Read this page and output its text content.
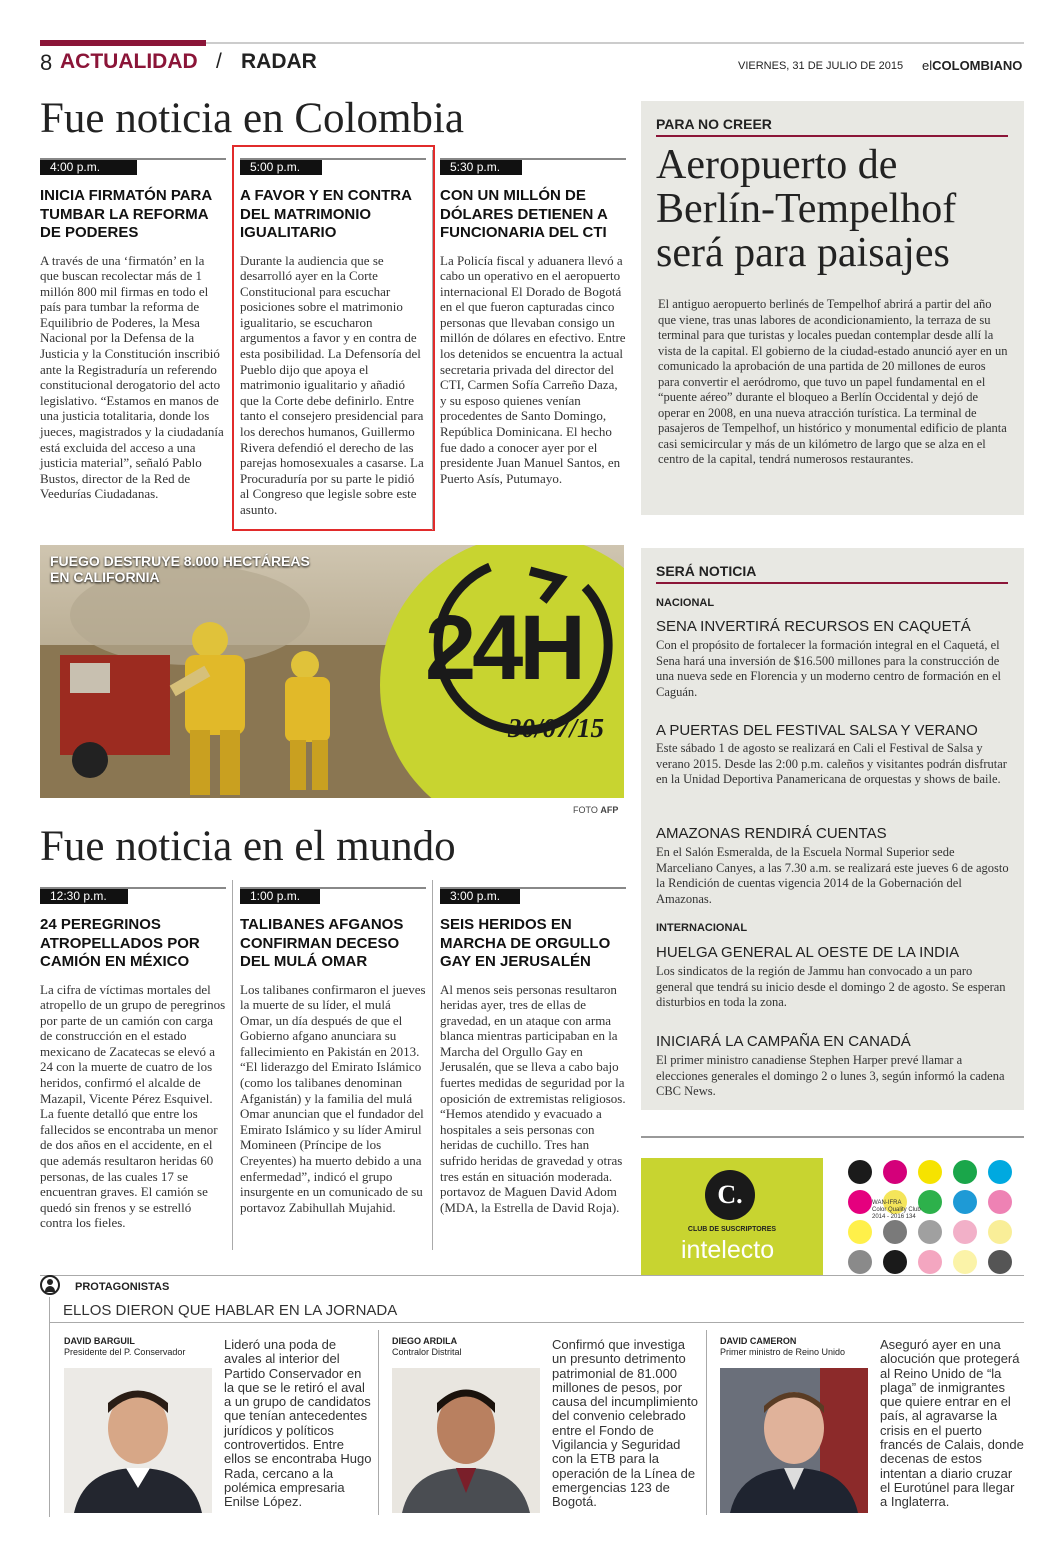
8 ACTUALIDAD / RADAR	VIERNES, 31 DE JULIO DE 2015 elCOLOMBIANO
Fue noticia en Colombia
4:00 p.m.
INICIA FIRMATÓN PARA TUMBAR LA REFORMA DE PODERES
A través de una ‘firmatón’ en la que buscan recolectar más de 1 millón 800 mil firmas en todo el país para tumbar la reforma de Equilibrio de Poderes, la Mesa Nacional por la Defensa de la Justicia y la Constitución inscribió ante la Registraduría un referendo constitucional derogatorio del acto legislativo. “Estamos en manos de una justicia totalitaria, donde los jueces, magistrados y la ciudadanía está excluida del acceso a una justicia material”, señaló Pablo Bustos, director de la Red de Veedurías Ciudadanas.
5:00 p.m.
A FAVOR Y EN CONTRA DEL MATRIMONIO IGUALITARIO
Durante la audiencia que se desarrolló ayer en la Corte Constitucional para escuchar posiciones sobre el matrimonio igualitario, se escucharon argumentos a favor y en contra de esta posibilidad. La Defensoría del Pueblo dijo que apoya el matrimonio igualitario y añadió que la Corte debe definirlo. Entre tanto el consejero presidencial para los derechos humanos, Guillermo Rivera defendió el derecho de las parejas homosexuales a casarse. La Procuraduría por su parte le pidió al Congreso que legisle sobre este asunto.
5:30 p.m.
CON UN MILLÓN DE DÓLARES DETIENEN A FUNCIONARIA DEL CTI
La Policía fiscal y aduanera llevó a cabo un operativo en el aeropuerto internacional El Dorado de Bogotá en el que fueron capturadas cinco personas que llevaban consigo un millón de dólares en efectivo. Entre los detenidos se encuentra la actual secretaria privada del director del CTI, Carmen Sofía Carreño Daza, y su esposo quienes venían procedentes de Santo Domingo, República Dominicana. El hecho fue dado a conocer ayer por el presidente Juan Manuel Santos, en Puerto Asís, Putumayo.
PARA NO CREER
Aeropuerto de Berlín-Tempelhof será para paisajes
El antiguo aeropuerto berlinés de Tempelhof abrirá a partir del año que viene, tras unas labores de acondicionamiento, la terraza de su terminal para que turistas y locales puedan contemplar desde allí la vista de la capital. El gobierno de la ciudad-estado anunció ayer en un comunicado la aprobación de una partida de 20 millones de euros para convertir el aeródromo, que tuvo un papel fundamental en el “puente aéreo” durante el bloqueo a Berlín Occidental y dejó de operar en 2008, en una nueva atracción turística. La terminal de pasajeros de Tempelhof, un histórico y monumental edificio de planta casi semicircular y más de un kilómetro de largo que se alza en el centro de la capital, tendrá numerosos restaurantes.
FUEGO DESTRUYE 8.000 HECTÁREAS EN CALIFORNIA
24H
30/07/15
FOTO AFP
Fue noticia en el mundo
12:30 p.m.
24 PEREGRINOS ATROPELLADOS POR CAMIÓN EN MÉXICO
La cifra de víctimas mortales del atropello de un grupo de peregrinos por parte de un camión con carga de construcción en el estado mexicano de Zacatecas se elevó a 24 con la muerte de cuatro de los heridos, confirmó el alcalde de Mazapil, Vicente Pérez Esquivel. La fuente detalló que entre los fallecidos se encontraba un menor de dos años en el accidente, en el que además resultaron heridas 60 personas, de las cuales 17 se encuentran graves. El camión se quedó sin frenos y se estrelló contra los fieles.
1:00 p.m.
TALIBANES AFGANOS CONFIRMAN DECESO DEL MULÁ OMAR
Los talibanes confirmaron el jueves la muerte de su líder, el mulá Omar, un día después de que el Gobierno afgano anunciara su fallecimiento en Pakistán en 2013. “El liderazgo del Emirato Islámico (como los talibanes denominan Afganistán) y la familia del mulá Omar anuncian que el fundador del Emirato Islámico y su líder Amirul Momineen (Príncipe de los Creyentes) ha muerto debido a una enfermedad”, indicó el grupo insurgente en un comunicado de su portavoz Zabihullah Mujahid.
3:00 p.m.
SEIS HERIDOS EN MARCHA DE ORGULLO GAY EN JERUSALÉN
Al menos seis personas resultaron heridas ayer, tres de ellas de gravedad, en un ataque con arma blanca mientras participaban en la Marcha del Orgullo Gay en Jerusalén, que se lleva a cabo bajo fuertes medidas de seguridad por la oposición de extremistas religiosos. “Hemos atendido y evacuado a hospitales a seis personas con heridas de cuchillo. Tres han sufrido heridas de gravedad y otras tres están en situación moderada. portavoz de Maguen David Adom (MDA, la Estrella de David Roja).
SERÁ NOTICIA
NACIONAL
SENA INVERTIRÁ RECURSOS EN CAQUETÁ
Con el propósito de fortalecer la formación integral en el Caquetá, el Sena hará una inversión de $16.500 millones para la construcción de una nueva sede en Florencia y un moderno centro de formación en el Caguán.
A PUERTAS DEL FESTIVAL SALSA Y VERANO
Este sábado 1 de agosto se realizará en Cali el Festival de Salsa y verano 2015. Desde las 2:00 p.m. caleños y visitantes podrán disfrutar en la Unidad Deportiva Panamericana de orquestas y shows de baile.
AMAZONAS RENDIRÁ CUENTAS
En el Salón Esmeralda, de la Escuela Normal Superior sede Marceliano Canyes, a las 7.30 a.m. se realizará este jueves 6 de agosto la Rendición de cuentas vigencia 2014 de la Gobernación del Amazonas.
INTERNACIONAL
HUELGA GENERAL AL OESTE DE LA INDIA
Los sindicatos de la región de Jammu han convocado a un paro general que tendrá su inicio desde el domingo 2 de agosto. Se esperan disturbios en toda la zona.
INICIARÁ LA CAMPAÑA EN CANADÁ
El primer ministro canadiense Stephen Harper prevé llamar a elecciones generales el domingo 2 o lunes 3, según informó la cadena CBC News.
C.
CLUB DE SUSCRIPTORES
intelecto
WAN-IFRA
Color Quality Club
2014 - 2016 134
PROTAGONISTAS
ELLOS DIERON QUE HABLAR EN LA JORNADA
DAVID BARGUIL
Presidente del P. Conservador	Lideró una poda de avales al interior del Partido Conservador en la que se le retiró el aval a un grupo de candidatos que tenían antecedentes jurídicos y políticos controvertidos. Entre ellos se encontraba Hugo Rada, cercano a la polémica empresaria Enilse López.
DIEGO ARDILA
Contralor Distrital	Confirmó que investiga un presunto detrimento patrimonial de 81.000 millones de pesos, por causa del incumplimiento del convenio celebrado entre el Fondo de Vigilancia y Seguridad con la ETB para la operación de la Línea de emergencias 123 de Bogotá.
DAVID CAMERON
Primer ministro de Reino Unido	Aseguró ayer en una alocución que protegerá al Reino Unido de “la plaga” de inmigrantes que quiere entrar en el país, al agravarse la crisis en el puerto francés de Calais, donde decenas de estos intentan a diario cruzar el Eurotúnel para llegar a Inglaterra.
